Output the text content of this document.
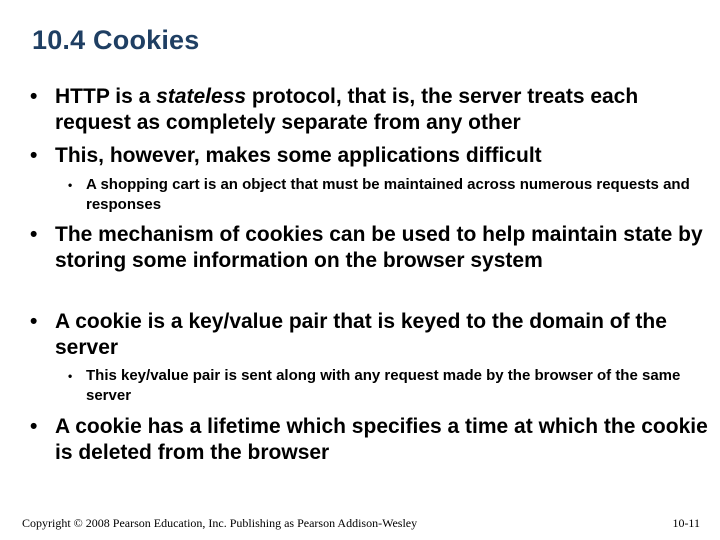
10.4 Cookies
• HTTP is a stateless protocol, that is, the server treats each request as completely separate from any other
• This, however, makes some applications difficult
• A shopping cart is an object that must be maintained across numerous requests and responses
• The mechanism of cookies can be used to help maintain state by storing some information on the browser system
• A cookie is a key/value pair that is keyed to the domain of the server
• This key/value pair is sent along with any request made by the browser of the same server
• A cookie has a lifetime which specifies a time at which the cookie is deleted from the browser
Copyright © 2008 Pearson Education, Inc. Publishing as Pearson Addison-Wesley	10-11
